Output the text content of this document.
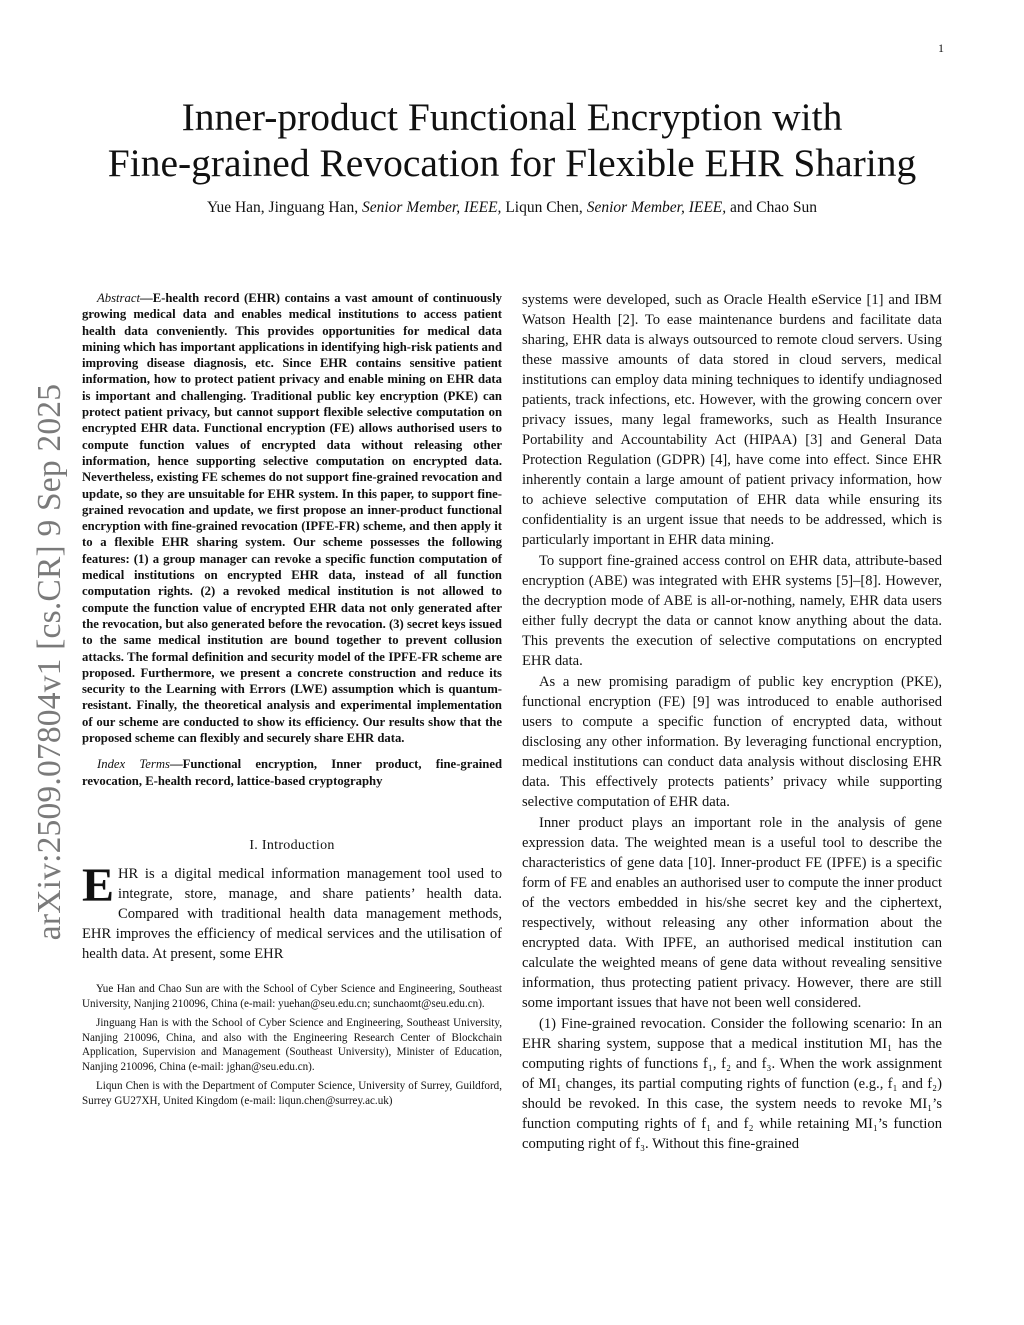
1
arXiv:2509.07804v1 [cs.CR] 9 Sep 2025
Inner-product Functional Encryption with
Fine-grained Revocation for Flexible EHR Sharing
Yue Han, Jinguang Han, Senior Member, IEEE, Liqun Chen, Senior Member, IEEE, and Chao Sun

Abstract—E-health record (EHR) contains a vast amount of continuously growing medical data and enables medical institutions to access patient health data conveniently. This provides opportunities for medical data mining which has important applications in identifying high-risk patients and improving disease diagnosis, etc. Since EHR contains sensitive patient information, how to protect patient privacy and enable mining on EHR data is important and challenging. Traditional public key encryption (PKE) can protect patient privacy, but cannot support flexible selective computation on encrypted EHR data. Functional encryption (FE) allows authorised users to compute function values of encrypted data without releasing other information, hence supporting selective computation on encrypted data. Nevertheless, existing FE schemes do not support fine-grained revocation and update, so they are unsuitable for EHR system. In this paper, to support fine-grained revocation and update, we first propose an inner-product functional encryption with fine-grained revocation (IPFE-FR) scheme, and then apply it to a flexible EHR sharing system. Our scheme possesses the following features: (1) a group manager can revoke a specific function computation of medical institutions on encrypted EHR data, instead of all function computation rights. (2) a revoked medical institution is not allowed to compute the function value of encrypted EHR data not only generated after the revocation, but also generated before the revocation. (3) secret keys issued to the same medical institution are bound together to prevent collusion attacks. The formal definition and security model of the IPFE-FR scheme are proposed. Furthermore, we present a concrete construction and reduce its security to the Learning with Errors (LWE) assumption which is quantum-resistant. Finally, the theoretical analysis and experimental implementation of our scheme are conducted to show its efficiency. Our results show that the proposed scheme can flexibly and securely share EHR data.

Index Terms—Functional encryption, Inner product, fine-grained revocation, E-health record, lattice-based cryptography

I. Introduction

EHR is a digital medical information management tool used to integrate, store, manage, and share patients’ health data. Compared with traditional health data management methods, EHR improves the efficiency of medical services and the utilisation of health data. At present, some EHR

Yue Han and Chao Sun are with the School of Cyber Science and Engineering, Southeast University, Nanjing 210096, China (e-mail: yuehan@seu.edu.cn; sunchaomt@seu.edu.cn).

Jinguang Han is with the School of Cyber Science and Engineering, Southeast University, Nanjing 210096, China, and also with the Engineering Research Center of Blockchain Application, Supervision and Management (Southeast University), Minister of Education, Nanjing 210096, China (e-mail: jghan@seu.edu.cn).

Liqun Chen is with the Department of Computer Science, University of Surrey, Guildford, Surrey GU27XH, United Kingdom (e-mail: liqun.chen@surrey.ac.uk)

systems were developed, such as Oracle Health eService [1] and IBM Watson Health [2]. To ease maintenance burdens and facilitate data sharing, EHR data is always outsourced to remote cloud servers. Using these massive amounts of data stored in cloud servers, medical institutions can employ data mining techniques to identify undiagnosed patients, track infections, etc. However, with the growing concern over privacy issues, many legal frameworks, such as Health Insurance Portability and Accountability Act (HIPAA) [3] and General Data Protection Regulation (GDPR) [4], have come into effect. Since EHR inherently contain a large amount of patient privacy information, how to achieve selective computation of EHR data while ensuring its confidentiality is an urgent issue that needs to be addressed, which is particularly important in EHR data mining.

To support fine-grained access control on EHR data, attribute-based encryption (ABE) was integrated with EHR systems [5]–[8]. However, the decryption mode of ABE is all-or-nothing, namely, EHR data users either fully decrypt the data or cannot know anything about the data. This prevents the execution of selective computations on encrypted EHR data.

As a new promising paradigm of public key encryption (PKE), functional encryption (FE) [9] was introduced to enable authorised users to compute a specific function of encrypted data, without disclosing any other information. By leveraging functional encryption, medical institutions can conduct data analysis without disclosing EHR data. This effectively protects patients’ privacy while supporting selective computation of EHR data.

Inner product plays an important role in the analysis of gene expression data. The weighted mean is a useful tool to describe the characteristics of gene data [10]. Inner-product FE (IPFE) is a specific form of FE and enables an authorised user to compute the inner product of the vectors embedded in his/she secret key and the ciphertext, respectively, without releasing any other information about the encrypted data. With IPFE, an authorised medical institution can calculate the weighted means of gene data without revealing sensitive information, thus protecting patient privacy. However, there are still some important issues that have not been well considered.

(1) Fine-grained revocation. Consider the following scenario: In an EHR sharing system, suppose that a medical institution MI₁ has the computing rights of functions f₁, f₂ and f₃. When the work assignment of MI₁ changes, its partial computing rights of function (e.g., f₁ and f₂) should be revoked. In this case, the system needs to revoke MI₁’s function computing rights of f₁ and f₂ while retaining MI₁’s function computing right of f₃. Without this fine-grained
